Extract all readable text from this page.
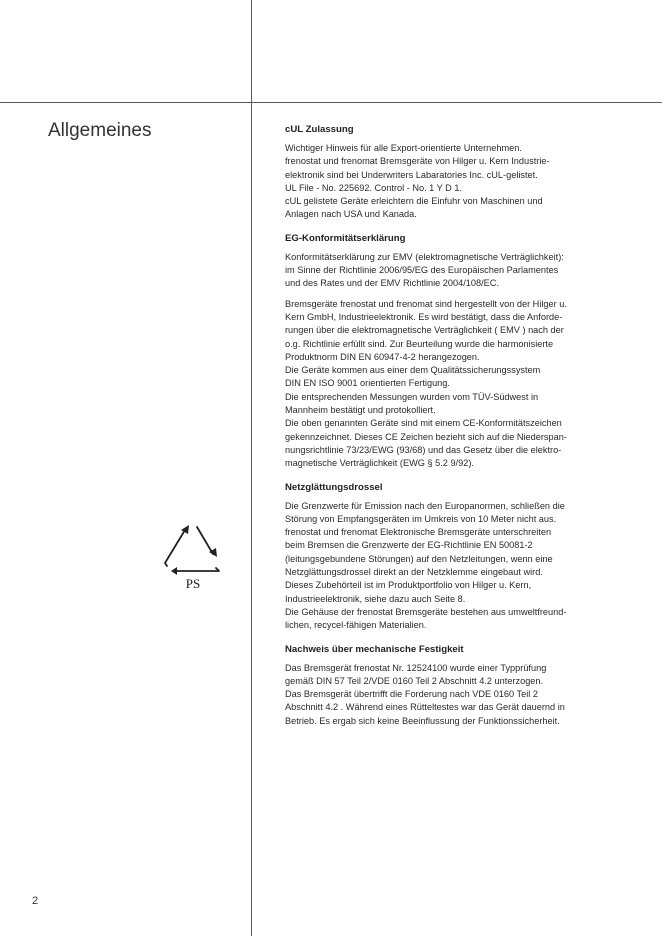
Allgemeines
PS
cUL Zulassung
Wichtiger Hinweis für alle Export-orientierte Unternehmen.
frenostat und frenomat Bremsgeräte von Hilger u. Kern Industrie-
elektronik sind bei Underwriters Labaratories Inc. cUL-gelistet.
UL File - No. 225692. Control - No. 1 Y D 1.
cUL gelistete Geräte erleichtern die Einfuhr von Maschinen und
Anlagen nach USA und Kanada.
EG-Konformitätserklärung
Konformitätserklärung zur EMV (elektromagnetische Verträglichkeit):
im Sinne der Richtlinie 2006/95/EG des Europäischen Parlamentes
und des Rates und der EMV Richtlinie 2004/108/EC.
Bremsgeräte frenostat und frenomat sind hergestellt von der Hilger u.
Kern GmbH, Industrieelektronik. Es wird bestätigt, dass die Anforde-
rungen über die elektromagnetische Verträglichkeit ( EMV ) nach der
o.g. Richtlinie erfüllt sind. Zur Beurteilung wurde die harmonisierte
Produktnorm DIN EN 60947-4-2 herangezogen.
Die Geräte kommen aus einer dem Qualitätssicherungssystem
DIN EN ISO 9001 orientierten Fertigung.
Die entsprechenden Messungen wurden vom TÜV-Südwest in
Mannheim bestätigt und protokolliert.
Die oben genannten Geräte sind mit einem CE-Konformitätszeichen
gekennzeichnet. Dieses CE Zeichen bezieht sich auf die Niederspan-
nungsrichtlinie 73/23/EWG (93/68) und das Gesetz über die elektro-
magnetische Verträglichkeit (EWG § 5.2 9/92).
Netzglättungsdrossel
Die Grenzwerte für Emission nach den Europanormen, schließen die
Störung von Empfangsgeräten im Umkreis von 10 Meter nicht aus.
frenostat und frenomat Elektronische Bremsgeräte unterschreiten
beim Bremsen die Grenzwerte der EG-Richtlinie EN 50081-2
(leitungsgebundene Störungen) auf den Netzleitungen, wenn eine
Netzglättungsdrossel direkt an der Netzklemme eingebaut wird.
Dieses Zubehörteil ist im Produktportfolio von Hilger u. Kern,
Industrieelektronik, siehe dazu auch Seite 8.
Die Gehäuse der frenostat Bremsgeräte bestehen aus umweltfreund-
lichen, recycel-fähigen Materialien.
Nachweis über mechanische Festigkeit
Das Bremsgerät frenostat Nr. 12524100 wurde einer Typprüfung
gemäß DIN 57 Teil 2/VDE 0160 Teil 2 Abschnitt 4.2 unterzogen.
Das Bremsgerät übertrifft die Forderung nach VDE 0160 Teil 2
Abschnitt 4.2 . Während eines Rütteltestes war das Gerät dauernd in
Betrieb. Es ergab sich keine Beeinflussung der Funktionssicherheit.
2
